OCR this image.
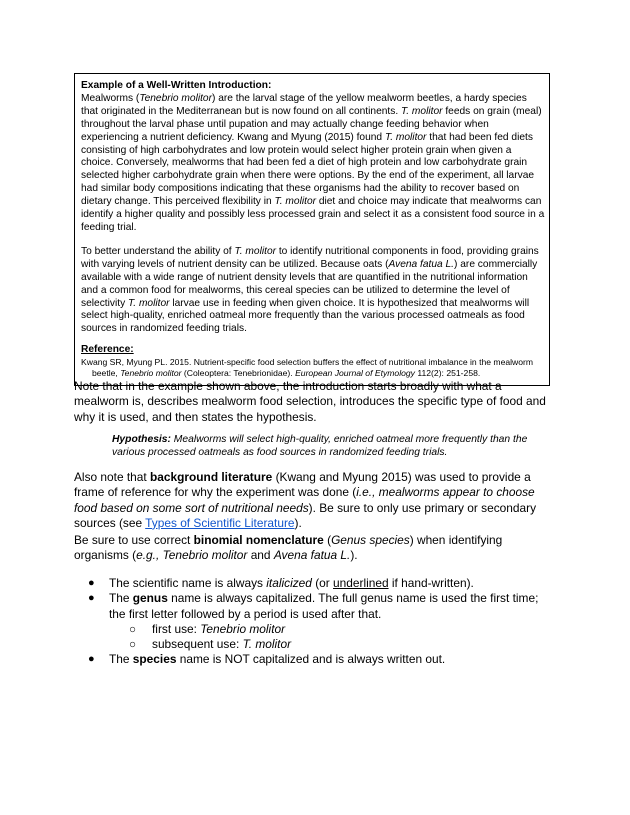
Example of a Well-Written Introduction:

Mealworms (Tenebrio molitor) are the larval stage of the yellow mealworm beetles, a hardy species that originated in the Mediterranean but is now found on all continents. T. molitor feeds on grain (meal) throughout the larval phase until pupation and may actually change feeding behavior when experiencing a nutrient deficiency. Kwang and Myung (2015) found T. molitor that had been fed diets consisting of high carbohydrates and low protein would select higher protein grain when given a choice. Conversely, mealworms that had been fed a diet of high protein and low carbohydrate grain selected higher carbohydrate grain when there were options. By the end of the experiment, all larvae had similar body compositions indicating that these organisms had the ability to recover based on dietary change. This perceived flexibility in T. molitor diet and choice may indicate that mealworms can identify a higher quality and possibly less processed grain and select it as a consistent food source in a feeding trial.

To better understand the ability of T. molitor to identify nutritional components in food, providing grains with varying levels of nutrient density can be utilized. Because oats (Avena fatua L.) are commercially available with a wide range of nutrient density levels that are quantified in the nutritional information and a common food for mealworms, this cereal species can be utilized to determine the level of selectivity T. molitor larvae use in feeding when given choice. It is hypothesized that mealworms will select high-quality, enriched oatmeal more frequently than the various processed oatmeals as food sources in randomized feeding trials.

Reference:

Kwang SR, Myung PL. 2015. Nutrient-specific food selection buffers the effect of nutritional imbalance in the mealworm beetle, Tenebrio molitor (Coleoptera: Tenebrionidae). European Journal of Etymology 112(2): 251-258.

Note that in the example shown above, the introduction starts broadly with what a mealworm is, describes mealworm food selection, introduces the specific type of food and why it is used, and then states the hypothesis.

Hypothesis: Mealworms will select high-quality, enriched oatmeal more frequently than the various processed oatmeals as food sources in randomized feeding trials.

Also note that background literature (Kwang and Myung 2015) was used to provide a frame of reference for why the experiment was done (i.e., mealworms appear to choose food based on some sort of nutritional needs). Be sure to only use primary or secondary sources (see Types of Scientific Literature).

Be sure to use correct binomial nomenclature (Genus species) when identifying organisms (e.g., Tenebrio molitor and Avena fatua L.).

● The scientific name is always italicized (or underlined if hand-written).
● The genus name is always capitalized. The full genus name is used the first time; the first letter followed by a period is used after that.
○ first use: Tenebrio molitor
○ subsequent use: T. molitor
● The species name is NOT capitalized and is always written out.
